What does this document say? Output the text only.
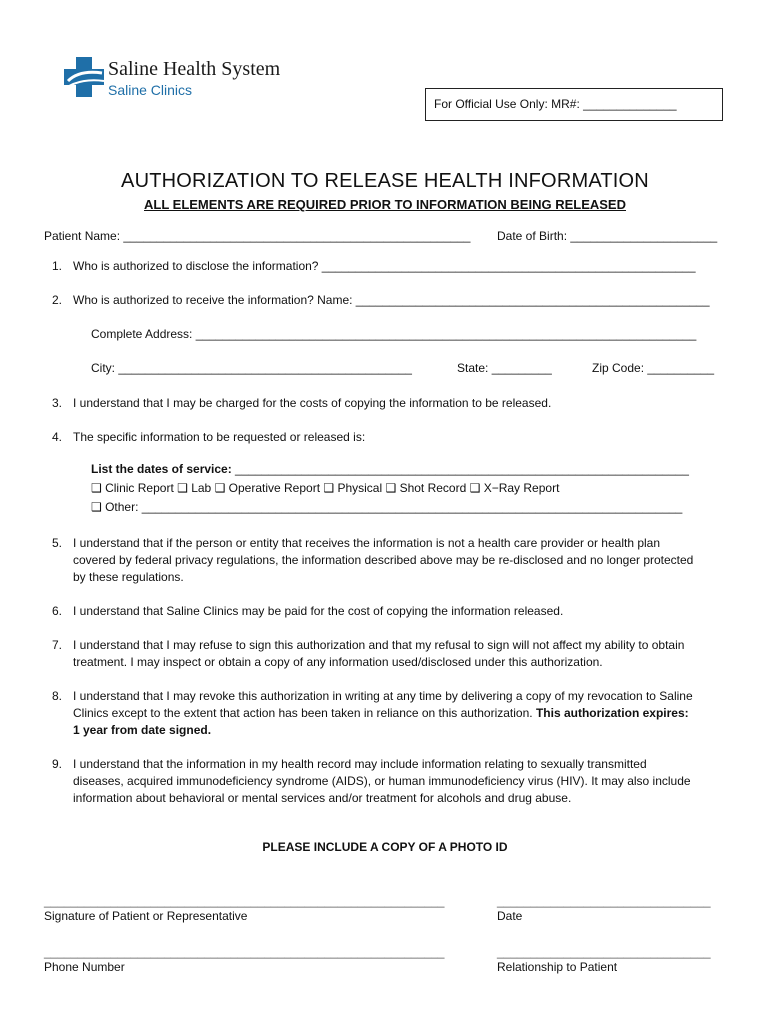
Saline Health System
Saline Clinics
For Official Use Only: MR#: ______________
AUTHORIZATION TO RELEASE HEALTH INFORMATION
ALL ELEMENTS ARE REQUIRED PRIOR TO INFORMATION BEING RELEASED
Patient Name: ____________________________________________________ Date of Birth: ______________________
1. Who is authorized to disclose the information? ________________________________________________________
2. Who is authorized to receive the information? Name: _____________________________________________________
Complete Address: ___________________________________________________________________________
City: ____________________________________________	State: _________	Zip Code: __________
3. I understand that I may be charged for the costs of copying the information to be released.
4. The specific information to be requested or released is:
List the dates of service: ____________________________________________________________________
❑ Clinic Report ❑ Lab ❑ Operative Report ❑ Physical ❑ Shot Record ❑ X−Ray Report
❑ Other: _________________________________________________________________________________
5. I understand that if the person or entity that receives the information is not a health care provider or health plan
covered by federal privacy regulations, the information described above may be re-disclosed and no longer protected
by these regulations.
6. I understand that Saline Clinics may be paid for the cost of copying the information released.
7. I understand that I may refuse to sign this authorization and that my refusal to sign will not affect my ability to obtain
treatment. I may inspect or obtain a copy of any information used/disclosed under this authorization.
8. I understand that I may revoke this authorization in writing at any time by delivering a copy of my revocation to Saline
Clinics except to the extent that action has been taken in reliance on this authorization. This authorization expires:
1 year from date signed.
9. I understand that the information in my health record may include information relating to sexually transmitted
diseases, acquired immunodeficiency syndrome (AIDS), or human immunodeficiency virus (HIV). It may also include
information about behavioral or mental services and/or treatment for alcohols and drug abuse.
PLEASE INCLUDE A COPY OF A PHOTO ID
____________________________________________________________	________________________________
Signature of Patient or Representative	Date
____________________________________________________________	________________________________
Phone Number	Relationship to Patient
